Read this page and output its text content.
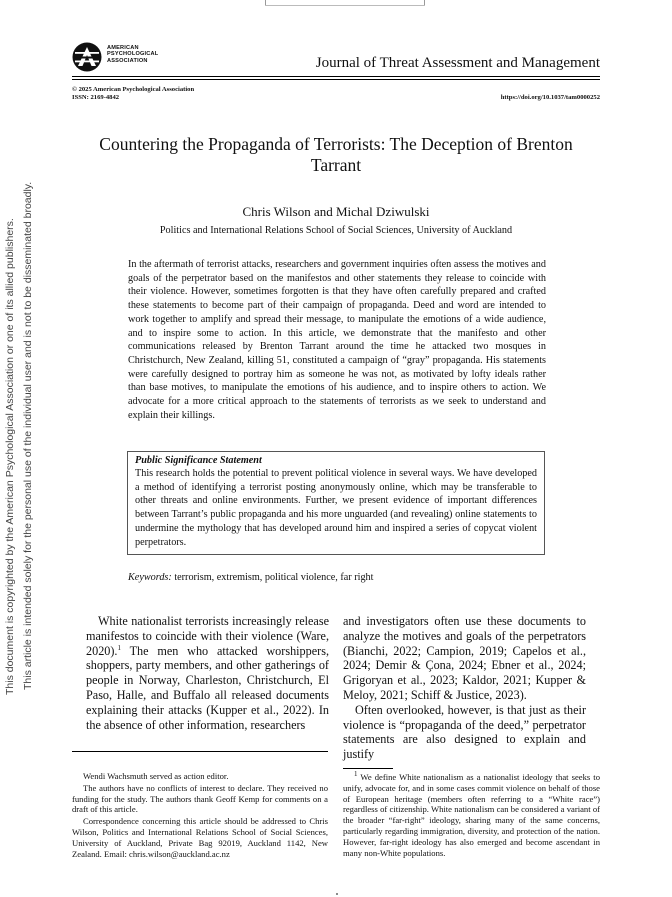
AMERICAN
PSYCHOLOGICAL
ASSOCIATION	Journal of Threat Assessment and Management
© 2025 American Psychological Association
ISSN: 2169-4842	https://doi.org/10.1037/tam0000252
Countering the Propaganda of Terrorists: The Deception of Brenton Tarrant
Chris Wilson and Michal Dziwulski
Politics and International Relations School of Social Sciences, University of Auckland
In the aftermath of terrorist attacks, researchers and government inquiries often assess the motives and goals of the perpetrator based on the manifestos and other statements they release to coincide with their violence. However, sometimes forgotten is that they have often carefully prepared and crafted these statements to become part of their campaign of propaganda. Deed and word are intended to work together to amplify and spread their message, to manipulate the emotions of a wide audience, and to inspire some to action. In this article, we demonstrate that the manifesto and other communications released by Brenton Tarrant around the time he attacked two mosques in Christchurch, New Zealand, killing 51, constituted a campaign of “gray” propaganda. His statements were carefully designed to portray him as someone he was not, as motivated by lofty ideals rather than base motives, to manipulate the emotions of his audience, and to inspire others to action. We advocate for a more critical approach to the statements of terrorists as we seek to understand and explain their killings.
Public Significance Statement
This research holds the potential to prevent political violence in several ways. We have developed a method of identifying a terrorist posting anonymously online, which may be transferable to other threats and online environments. Further, we present evidence of important differences between Tarrant’s public propaganda and his more unguarded (and revealing) online statements to undermine the mythology that has developed around him and inspired a series of copycat violent perpetrators.
Keywords: terrorism, extremism, political violence, far right

White nationalist terrorists increasingly release manifestos to coincide with their violence (Ware, 2020).$^1$ The men who attacked worshippers, shoppers, party members, and other gatherings of people in Norway, Charleston, Christchurch, El Paso, Halle, and Buffalo all released documents explaining their attacks (Kupper et al., 2022). In the absence of other information, researchers

and investigators often use these documents to analyze the motives and goals of the perpetrators (Bianchi, 2022; Campion, 2019; Capelos et al., 2024; Demir & Çona, 2024; Ebner et al., 2024; Grigoryan et al., 2023; Kaldor, 2021; Kupper & Meloy, 2021; Schiff & Justice, 2023).

Often overlooked, however, is that just as their violence is “propaganda of the deed,” perpetrator statements are also designed to explain and justify

Wendi Wachsmuth served as action editor.

The authors have no conflicts of interest to declare. They received no funding for the study. The authors thank Geoff Kemp for comments on a draft of this article.

Correspondence concerning this article should be addressed to Chris Wilson, Politics and International Relations School of Social Sciences, University of Auckland, Private Bag 92019, Auckland 1142, New Zealand. Email: chris.wilson@auckland.ac.nz

$^1$ We define White nationalism as a nationalist ideology that seeks to unify, advocate for, and in some cases commit violence on behalf of those of European heritage (members often referring to a “White race”) regardless of citizenship. White nationalism can be considered a variant of the broader “far-right” ideology, sharing many of the same concerns, particularly regarding immigration, diversity, and protection of the nation. However, far-right ideology has also emerged and become ascendant in many non-White populations.

This document is copyrighted by the American Psychological Association or one of its allied publishers. This article is intended solely for the personal use of the individual user and is not to be disseminated broadly.
